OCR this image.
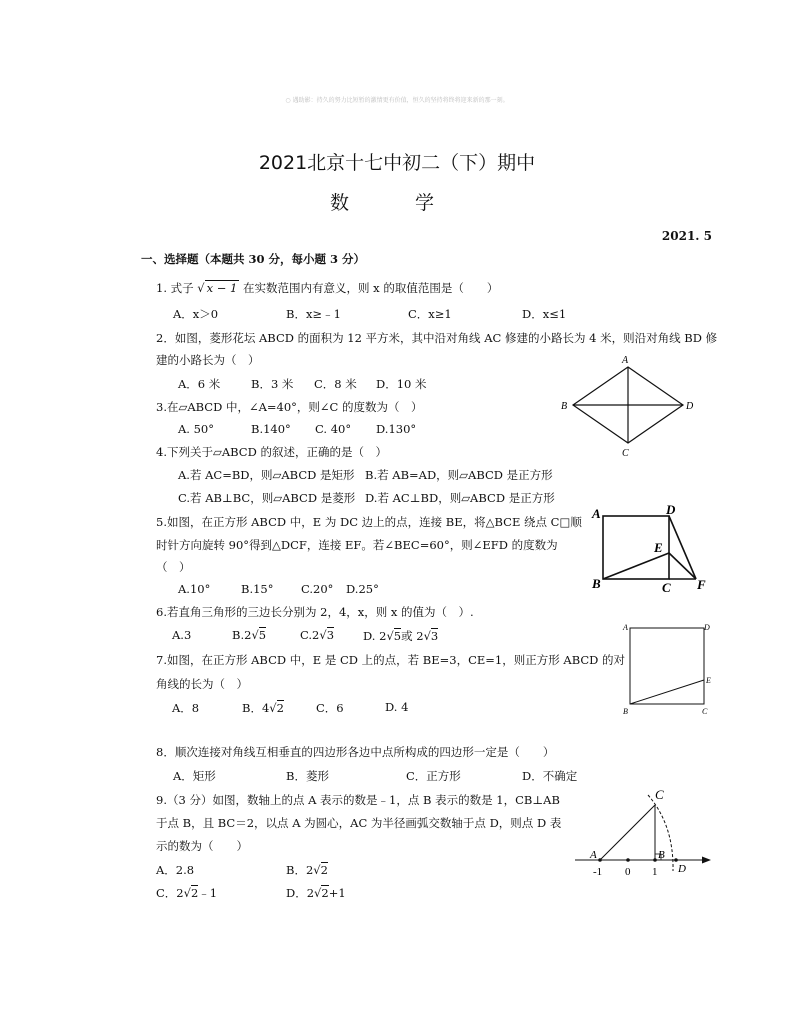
○ 遇助影：持久的努力比短暂的激情更有价值，恒久的坚持将终将迎来新的那一刻。
2021北京十七中初二（下）期中
数 学
2021. 5
一、选择题（本题共 30 分，每小题 3 分）
1. 式子 √ x − 1 在实数范围内有意义，则 x 的取值范围是（　　）
A．x＞0	B．x≥﹣1	C．x≥1	D．x≤1
2．如图，菱形花坛 ABCD 的面积为 12 平方米，其中沿对角线 AC 修建的小路长为 4 米，则沿对角线 BD 修
建的小路长为（　）
A．6 米	B．3 米 C．8 米 D．10 米
3.在▱ABCD 中，∠A=40°，则∠C 的度数为（　）
A. 50°	B.140° C. 40° D.130°
4.下列关于▱ABCD 的叙述，正确的是（　）
A.若 AC=BD，则▱ABCD 是矩形 B.若 AB=AD，则▱ABCD 是正方形
C.若 AB⊥BC，则▱ABCD 是菱形 D.若 AC⊥BD，则▱ABCD 是正方形
5.如图，在正方形 ABCD 中，E 为 DC 边上的点，连接 BE，将△BCE 绕点 C□顺
时针方向旋转 90°得到△DCF，连接 EF。若∠BEC=60°，则∠EFD 的度数为
（　）
A.10°	B.15° C.20° D.25°
6.若直角三角形的三边长分别为 2，4，x，则 x 的值为（　）.
A.3	B.2√5	C.2√3	D. 2√5或 2√3
7.如图，在正方形 ABCD 中，E 是 CD 上的点，若 BE=3，CE=1，则正方形 ABCD 的对
角线的长为（　）
A．8	B．4√2	C．6	D. 4
8．顺次连接对角线互相垂直的四边形各边中点所构成的四边形一定是（　　）
A．矩形	B．菱形	C．正方形	D．不确定
9.（3 分）如图，数轴上的点 A 表示的数是﹣1，点 B 表示的数是 1，CB⊥AB
于点 B，且 BC＝2，以点 A 为圆心，AC 为半径画弧交数轴于点 D，则点 D 表
示的数为（　　）
A．2.8	B．2√2
C．2√2﹣1	D．2√2+1
A
B
C
D
A	D
B	C
E
F
A	D
E
B	C
A
C
B
D
-1 0 1
